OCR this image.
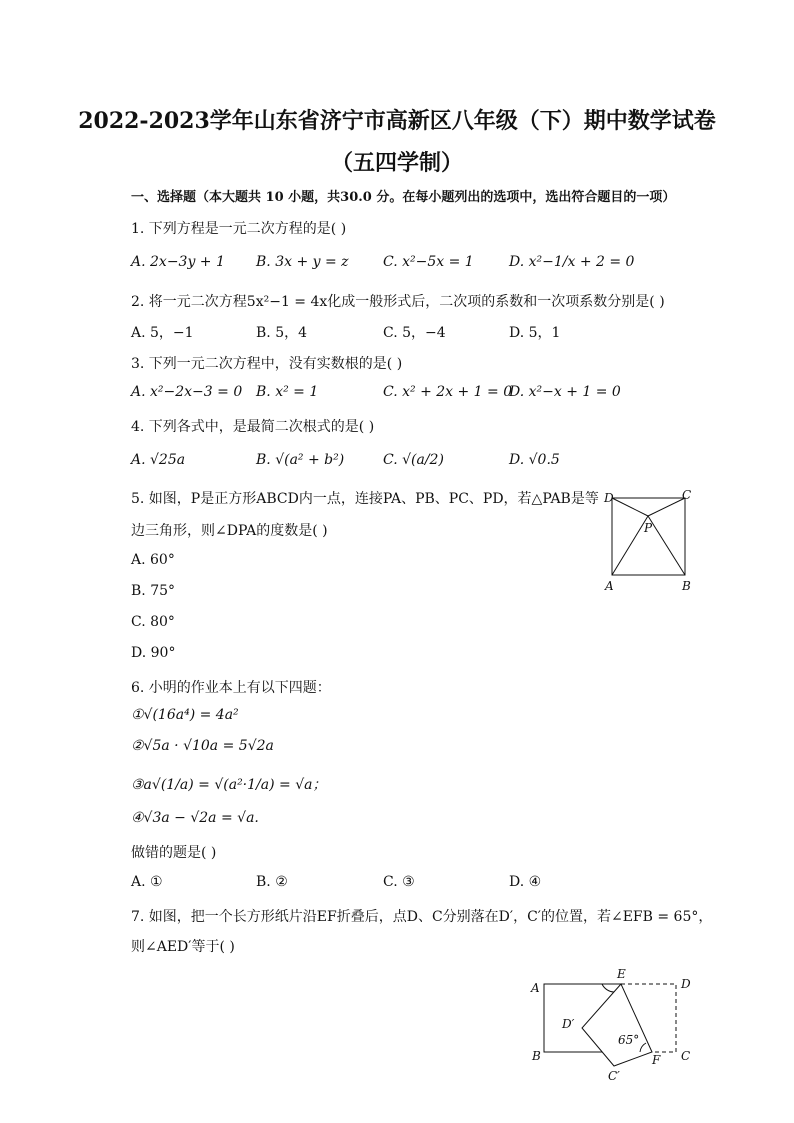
2022-2023学年山东省济宁市高新区八年级（下）期中数学试卷
（五四学制）
一、选择题（本大题共 10 小题，共30.0 分。在每小题列出的选项中，选出符合题目的一项）
1. 下列方程是一元二次方程的是( )
A. 2x−3y + 1 B. 3x + y = z C. x²−5x = 1	D. x²−1/x + 2 = 0
2. 将一元二次方程5x²−1 = 4x化成一般形式后，二次项的系数和一次项系数分别是( )
A. 5，−1	B. 5，4	C. 5，−4	D. 5，1
3. 下列一元二次方程中，没有实数根的是( )
A. x²−2x−3 = 0 B. x² = 1	C. x² + 2x + 1 = 0
D. x²−x + 1 = 0
4. 下列各式中，是最简二次根式的是( )
A. √25a	B. √(a² + b²)	C. √(a/2)	D. √0.5
5. 如图，P是正方形ABCD内一点，连接PA、PB、PC、PD，若△PAB是等
边三角形，则∠DPA的度数是( )
A. 60°
B. 75°
C. 80°
D. 90°
D	C
P
A	B
6. 小明的作业本上有以下四题：
①√(16a⁴) = 4a²
②√5a · √10a = 5√2a
③a√(1/a) = √(a²·1/a) = √a；
④√3a − √2a = √a.
做错的题是( )
A. ①	B. ②	C. ③	D. ④
7. 如图，把一个长方形纸片沿EF折叠后，点D、C分别落在D′，C′的位置，若∠EFB = 65°，
则∠AED′等于( )
A
E
D
D′
65°
B	F C
C′
